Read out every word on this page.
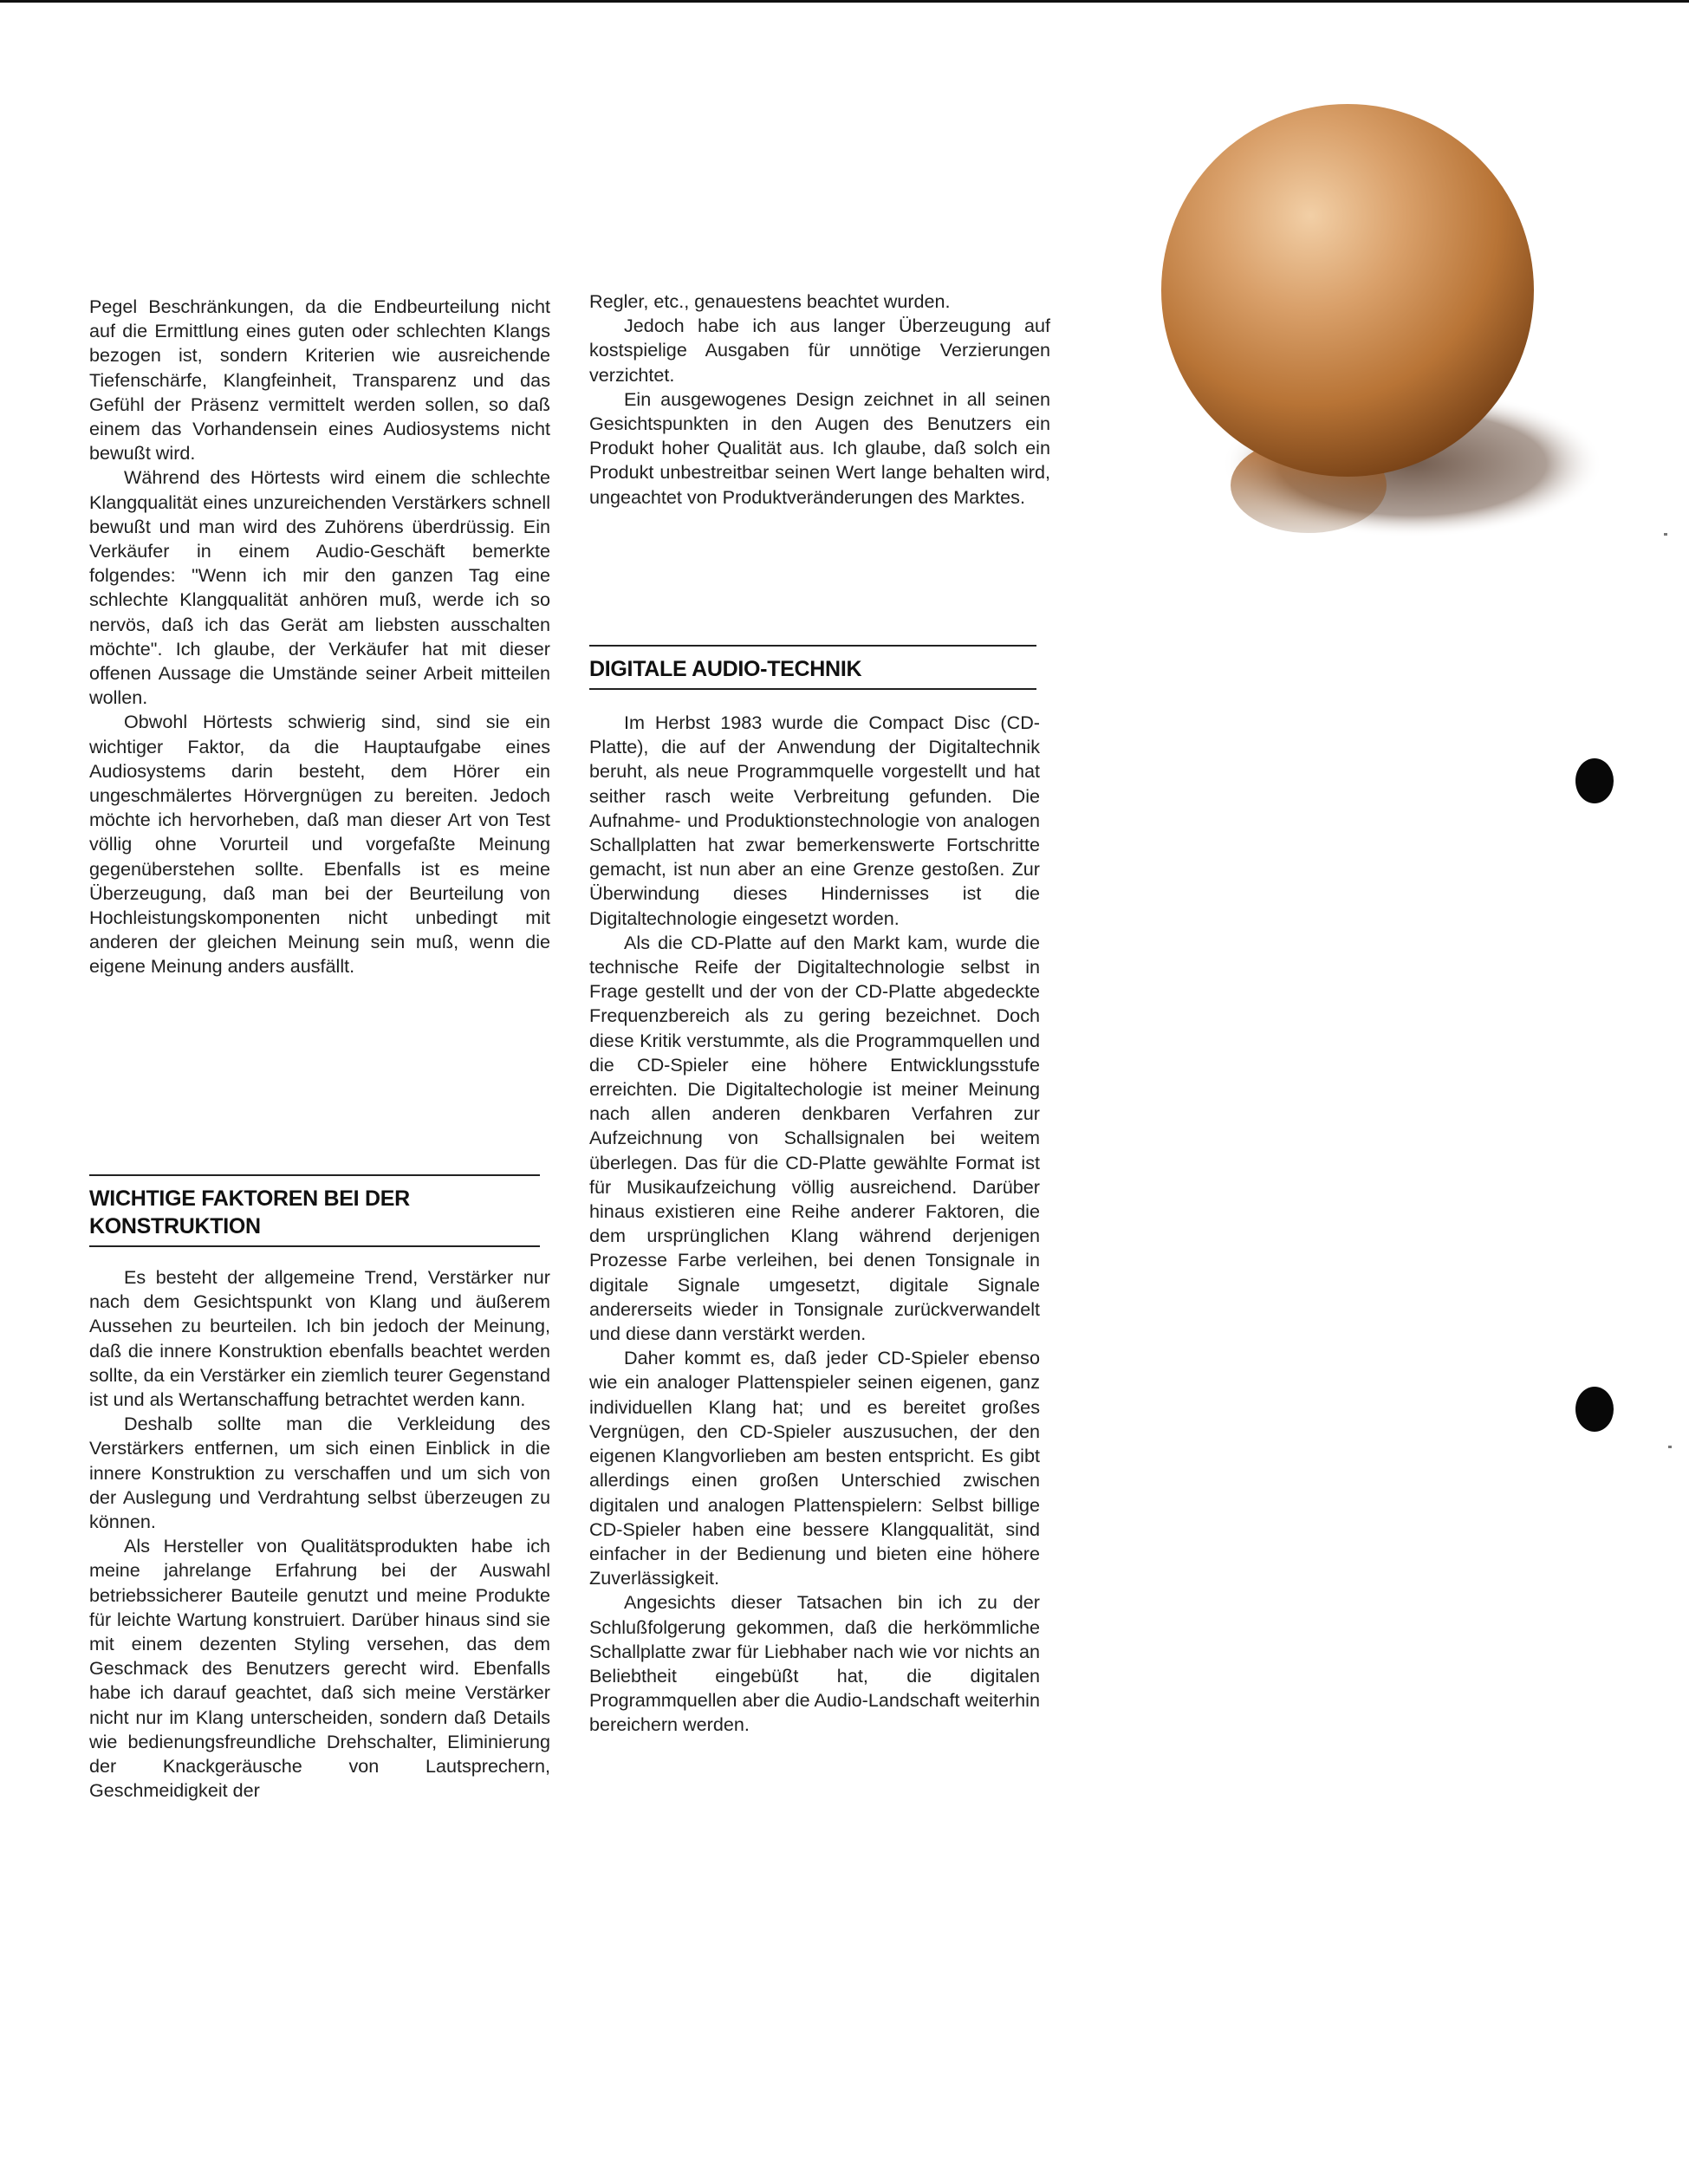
Pegel Beschränkungen, da die Endbeurteilung nicht auf die Ermittlung eines guten oder schlechten Klangs bezogen ist, sondern Kriterien wie ausreichende Tiefenschärfe, Klangfeinheit, Transparenz und das Gefühl der Präsenz vermittelt werden sollen, so daß einem das Vorhandensein eines Audiosystems nicht bewußt wird.

Während des Hörtests wird einem die schlechte Klangqualität eines unzureichenden Verstärkers schnell bewußt und man wird des Zuhörens überdrüssig. Ein Verkäufer in einem Audio-Geschäft bemerkte folgendes: "Wenn ich mir den ganzen Tag eine schlechte Klangqualität anhören muß, werde ich so nervös, daß ich das Gerät am liebsten ausschalten möchte". Ich glaube, der Verkäufer hat mit dieser offenen Aussage die Umstände seiner Arbeit mitteilen wollen.

Obwohl Hörtests schwierig sind, sind sie ein wichtiger Faktor, da die Hauptaufgabe eines Audiosystems darin besteht, dem Hörer ein ungeschmälertes Hörvergnügen zu bereiten. Jedoch möchte ich hervorheben, daß man dieser Art von Test völlig ohne Vorurteil und vorgefaßte Meinung gegenüberstehen sollte. Ebenfalls ist es meine Überzeugung, daß man bei der Beurteilung von Hochleistungskomponenten nicht unbedingt mit anderen der gleichen Meinung sein muß, wenn die eigene Meinung anders ausfällt.

WICHTIGE FAKTOREN BEI DER
KONSTRUKTION

Es besteht der allgemeine Trend, Verstärker nur nach dem Gesichtspunkt von Klang und äußerem Aussehen zu beurteilen. Ich bin jedoch der Meinung, daß die innere Konstruktion ebenfalls beachtet werden sollte, da ein Verstärker ein ziemlich teurer Gegenstand ist und als Wertanschaffung betrachtet werden kann.

Deshalb sollte man die Verkleidung des Verstärkers entfernen, um sich einen Einblick in die innere Konstruktion zu verschaffen und um sich von der Auslegung und Verdrahtung selbst überzeugen zu können.

Als Hersteller von Qualitätsprodukten habe ich meine jahrelange Erfahrung bei der Auswahl betriebssicherer Bauteile genutzt und meine Produkte für leichte Wartung konstruiert. Darüber hinaus sind sie mit einem dezenten Styling versehen, das dem Geschmack des Benutzers gerecht wird. Ebenfalls habe ich darauf geachtet, daß sich meine Verstärker nicht nur im Klang unterscheiden, sondern daß Details wie bedienungsfreundliche Drehschalter, Eliminierung der Knackgeräusche von Lautsprechern, Geschmeidigkeit der

Regler, etc., genauestens beachtet wurden.

Jedoch habe ich aus langer Überzeugung auf kostspielige Ausgaben für unnötige Verzierungen verzichtet.

Ein ausgewogenes Design zeichnet in all seinen Gesichtspunkten in den Augen des Benutzers ein Produkt hoher Qualität aus. Ich glaube, daß solch ein Produkt unbestreitbar seinen Wert lange behalten wird, ungeachtet von Produktveränderungen des Marktes.

DIGITALE AUDIO-TECHNIK

Im Herbst 1983 wurde die Compact Disc (CD-Platte), die auf der Anwendung der Digitaltechnik beruht, als neue Programmquelle vorgestellt und hat seither rasch weite Verbreitung gefunden. Die Aufnahme- und Produktionstechnologie von analogen Schallplatten hat zwar bemerkenswerte Fortschritte gemacht, ist nun aber an eine Grenze gestoßen. Zur Überwindung dieses Hindernisses ist die Digitaltechnologie eingesetzt worden.

Als die CD-Platte auf den Markt kam, wurde die technische Reife der Digitaltechnologie selbst in Frage gestellt und der von der CD-Platte abgedeckte Frequenzbereich als zu gering bezeichnet. Doch diese Kritik verstummte, als die Programmquellen und die CD-Spieler eine höhere Entwicklungsstufe erreichten. Die Digitaltechologie ist meiner Meinung nach allen anderen denkbaren Verfahren zur Aufzeichnung von Schallsignalen bei weitem überlegen. Das für die CD-Platte gewählte Format ist für Musikaufzeichung völlig ausreichend. Darüber hinaus existieren eine Reihe anderer Faktoren, die dem ursprünglichen Klang während derjenigen Prozesse Farbe verleihen, bei denen Tonsignale in digitale Signale umgesetzt, digitale Signale andererseits wieder in Tonsignale zurückverwandelt und diese dann verstärkt werden.

Daher kommt es, daß jeder CD-Spieler ebenso wie ein analoger Plattenspieler seinen eigenen, ganz individuellen Klang hat; und es bereitet großes Vergnügen, den CD-Spieler auszusuchen, der den eigenen Klangvorlieben am besten entspricht. Es gibt allerdings einen großen Unterschied zwischen digitalen und analogen Plattenspielern: Selbst billige CD-Spieler haben eine bessere Klangqualität, sind einfacher in der Bedienung und bieten eine höhere Zuverlässigkeit.

Angesichts dieser Tatsachen bin ich zu der Schlußfolgerung gekommen, daß die herkömmliche Schallplatte zwar für Liebhaber nach wie vor nichts an Beliebtheit eingebüßt hat, die digitalen Programmquellen aber die Audio-Landschaft weiterhin bereichern werden.
